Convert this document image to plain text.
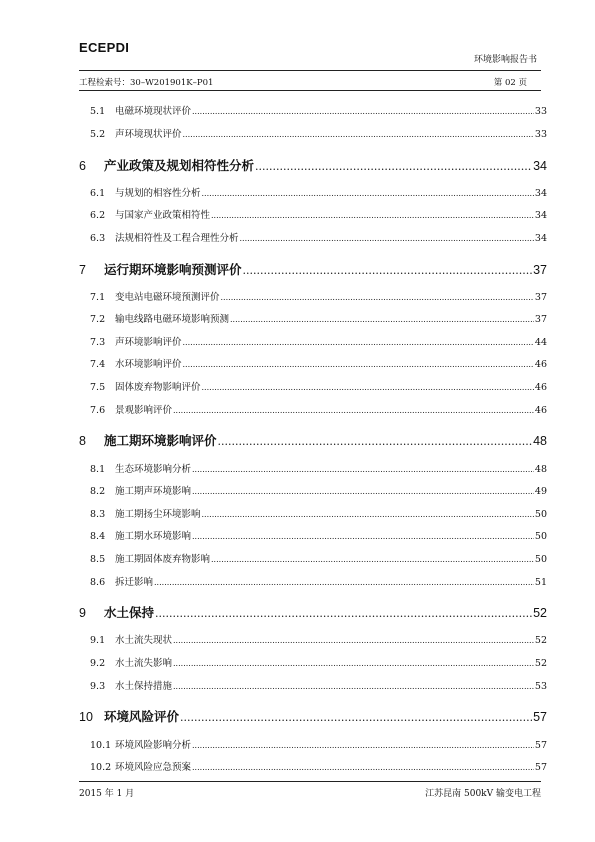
ECEPDI
环境影响报告书
工程检索号：30–W201901K–P01	第 02 页
5.1	电磁环境现状评价 .....	33
5.2	声环境现状评价 .....	33
6	产业政策及规划相符性分析 .....	34
6.1	与规划的相容性分析 .....	34
6.2	与国家产业政策相符性 .....	34
6.3	法规相符性及工程合理性分析 .....	34
7	运行期环境影响预测评价 .....	37
7.1	变电站电磁环境预测评价 .....	37
7.2	输电线路电磁环境影响预测 .....	37
7.3	声环境影响评价 .....	44
7.4	水环境影响评价 .....	46
7.5	固体废弃物影响评价 .....	46
7.6	景观影响评价 .....	46
8	施工期环境影响评价 .....	48
8.1	生态环境影响分析 .....	48
8.2	施工期声环境影响 .....	49
8.3	施工期扬尘环境影响 .....	50
8.4	施工期水环境影响 .....	50
8.5	施工期固体废弃物影响 .....	50
8.6	拆迁影响 .....	51
9	水土保持 .....	52
9.1	水土流失现状 .....	52
9.2	水土流失影响 .....	52
9.3	水土保持措施 .....	53
10 环境风险评价 .....	57
10.1 环境风险影响分析 .....	57
10.2 环境风险应急预案 .....	57
2015 年 1 月	江苏昆南 500kV 输变电工程
